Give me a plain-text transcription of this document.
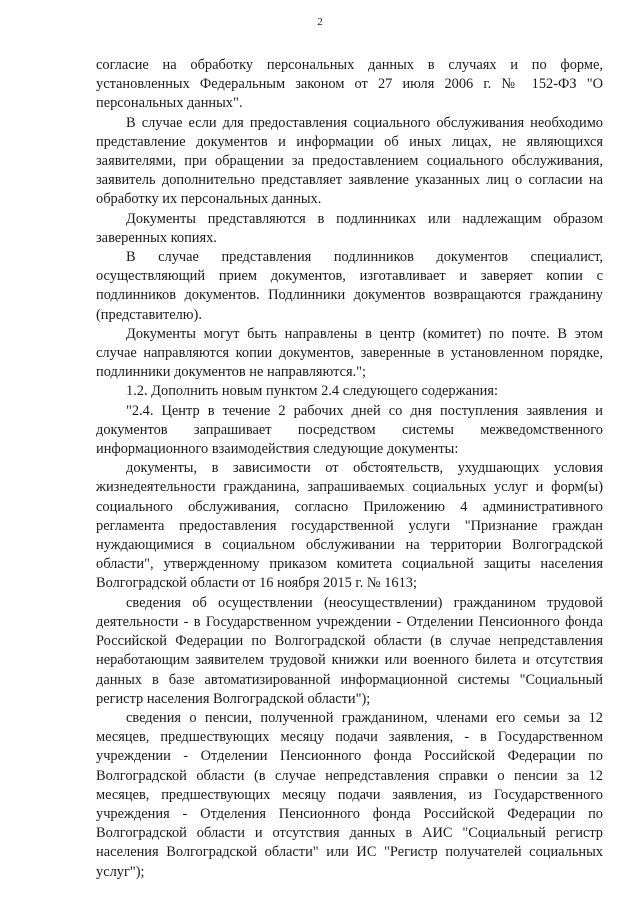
2

согласие на обработку персональных данных в случаях и по форме, установленных Федеральным законом от 27 июля 2006 г. № 152-ФЗ "О персональных данных".

В случае если для предоставления социального обслуживания необходимо представление документов и информации об иных лицах, не являющихся заявителями, при обращении за предоставлением социального обслуживания, заявитель дополнительно представляет заявление указанных лиц о согласии на обработку их персональных данных.

Документы представляются в подлинниках или надлежащим образом заверенных копиях.

В случае представления подлинников документов специалист, осуществляющий прием документов, изготавливает и заверяет копии с подлинников документов. Подлинники документов возвращаются гражданину (представителю).

Документы могут быть направлены в центр (комитет) по почте. В этом случае направляются копии документов, заверенные в установленном порядке, подлинники документов не направляются.";

1.2. Дополнить новым пунктом 2.4 следующего содержания:

"2.4. Центр в течение 2 рабочих дней со дня поступления заявления и документов запрашивает посредством системы межведомственного информационного взаимодействия следующие документы:

документы, в зависимости от обстоятельств, ухудшающих условия жизнедеятельности гражданина, запрашиваемых социальных услуг и форм(ы) социального обслуживания, согласно Приложению 4 административного регламента предоставления государственной услуги "Признание граждан нуждающимися в социальном обслуживании на территории Волгоградской области", утвержденному приказом комитета социальной защиты населения Волгоградской области от 16 ноября 2015 г. № 1613;

сведения об осуществлении (неосуществлении) гражданином трудовой деятельности - в Государственном учреждении - Отделении Пенсионного фонда Российской Федерации по Волгоградской области (в случае непредставления неработающим заявителем трудовой книжки или военного билета и отсутствия данных в базе автоматизированной информационной системы "Социальный регистр населения Волгоградской области");

сведения о пенсии, полученной гражданином, членами его семьи за 12 месяцев, предшествующих месяцу подачи заявления, - в Государственном учреждении - Отделении Пенсионного фонда Российской Федерации по Волгоградской области (в случае непредставления справки о пенсии за 12 месяцев, предшествующих месяцу подачи заявления, из Государственного учреждения - Отделения Пенсионного фонда Российской Федерации по Волгоградской области и отсутствия данных в АИС "Социальный регистр населения Волгоградской области" или ИС "Регистр получателей социальных услуг");
